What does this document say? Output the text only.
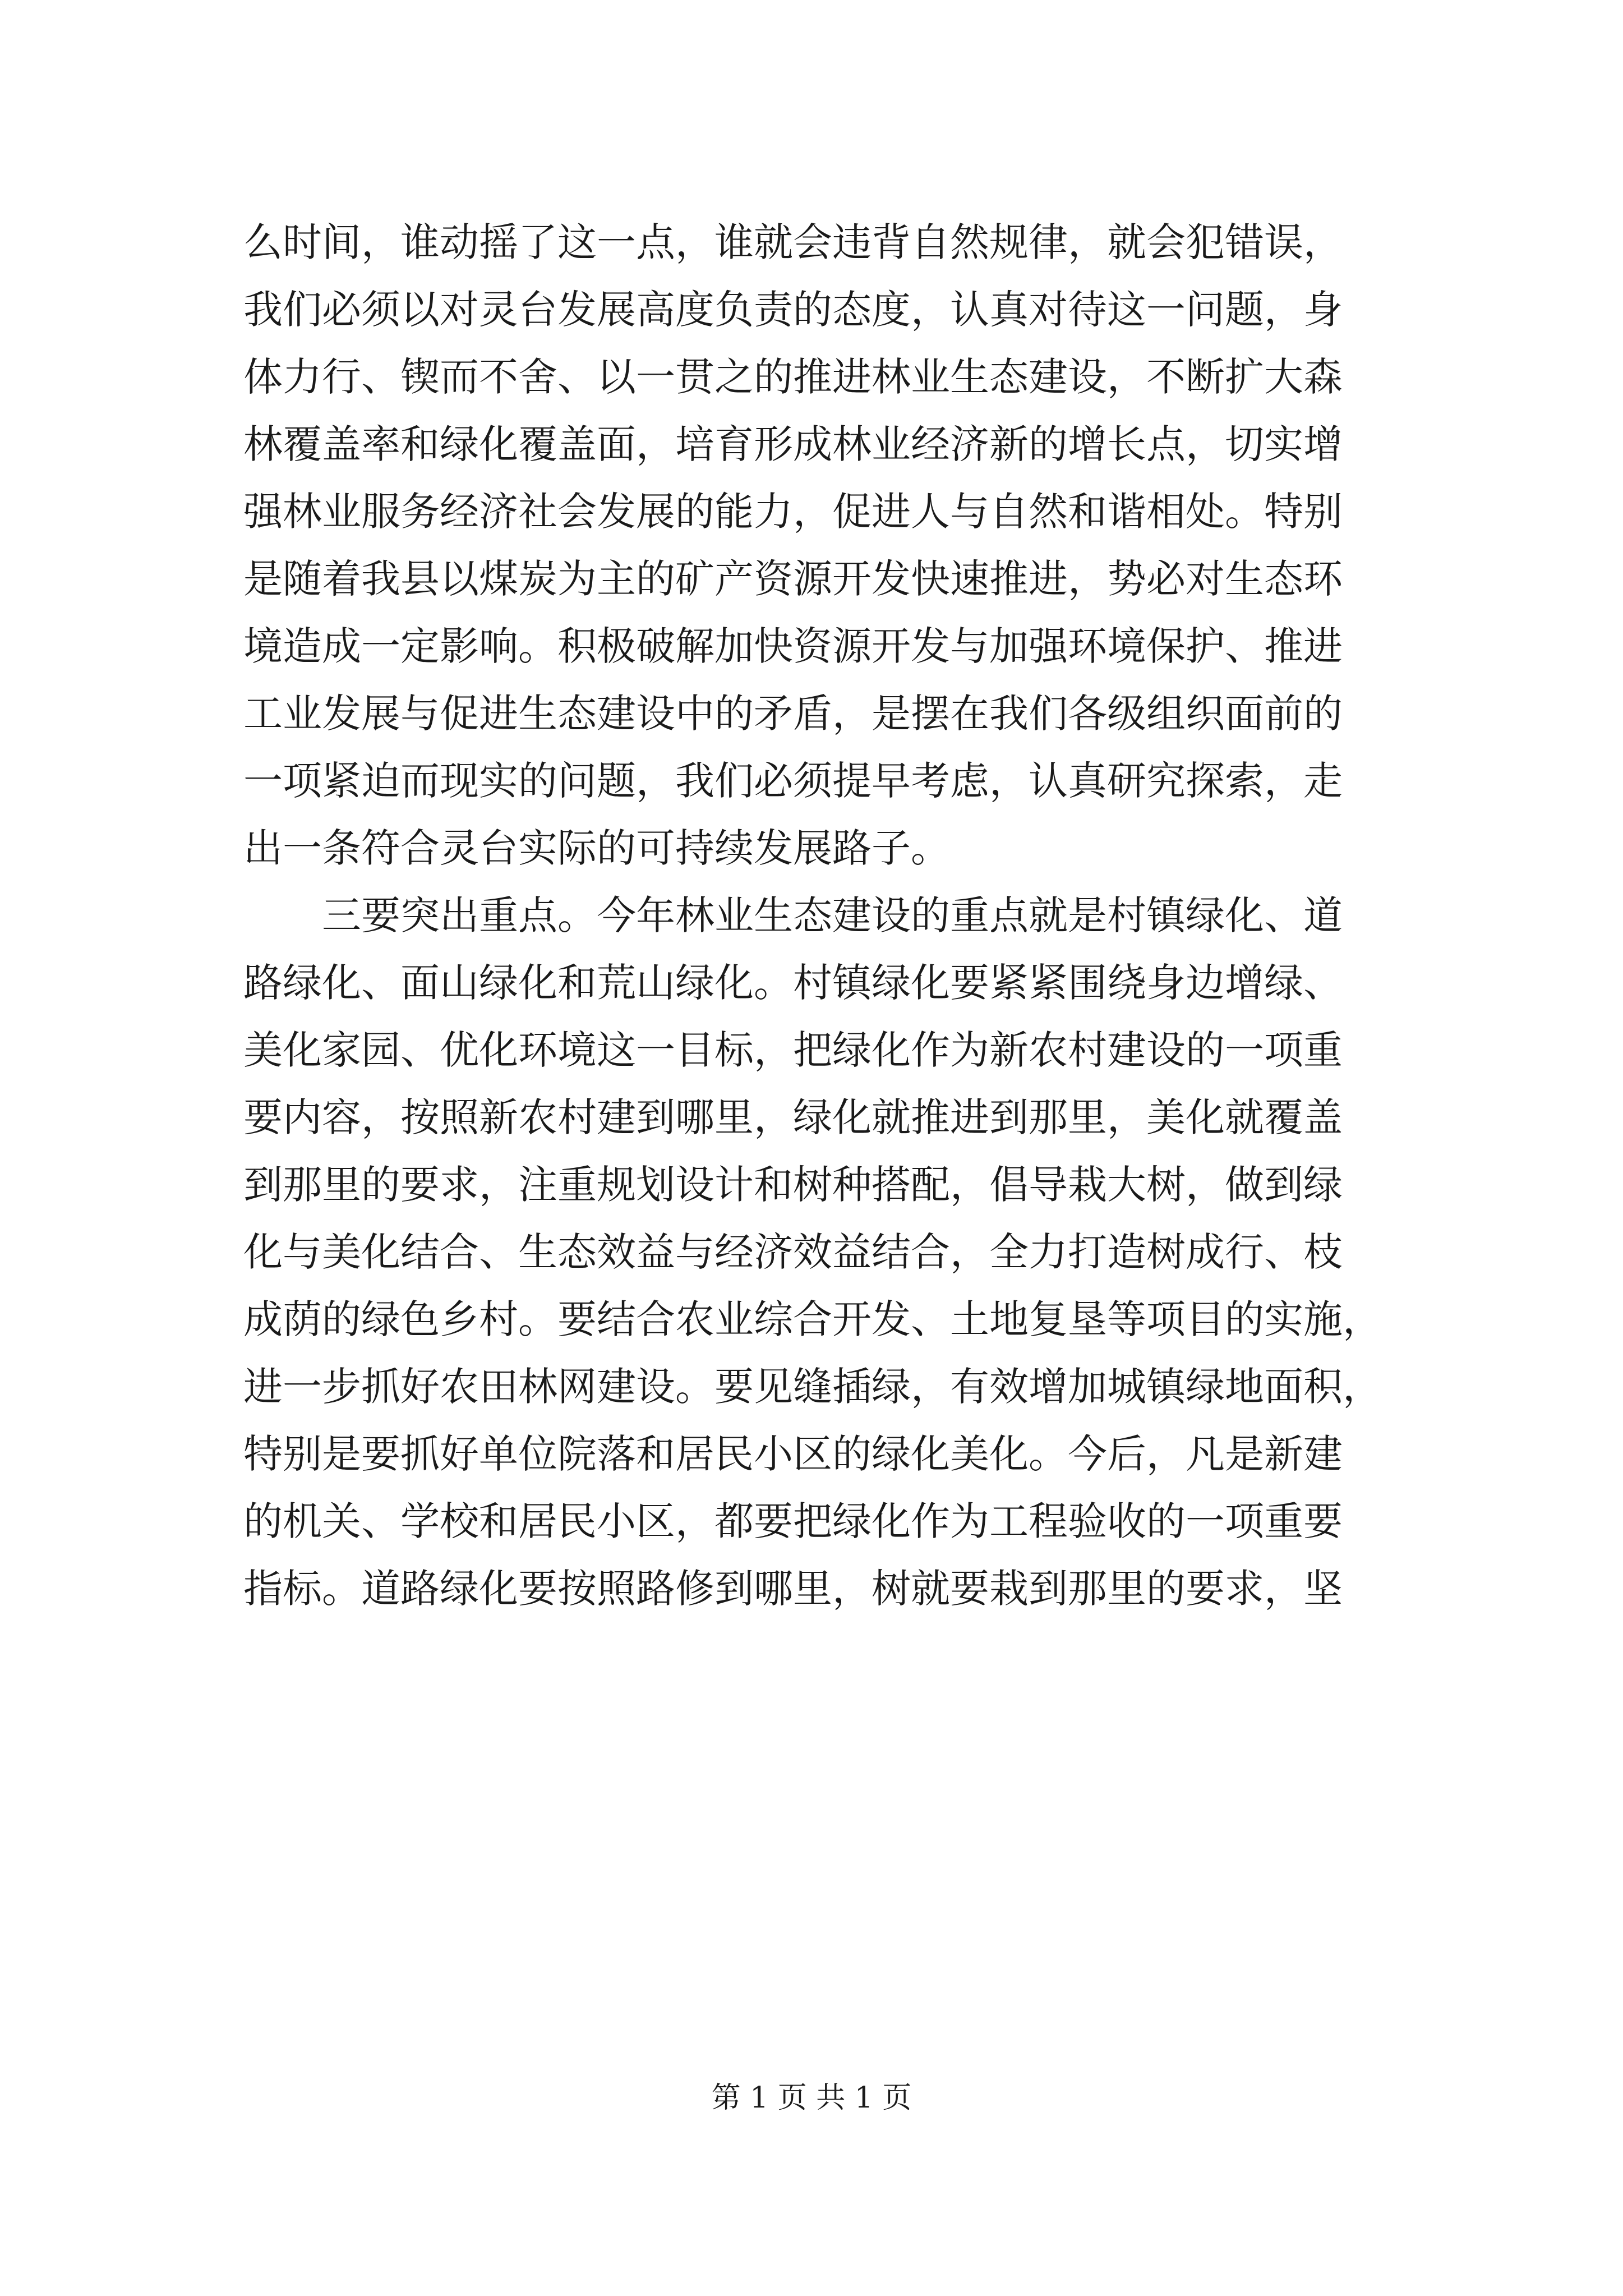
么时间，谁动摇了这一点，谁就会违背自然规律，就会犯错误，
我们必须以对灵台发展高度负责的态度，认真对待这一问题，身
体力行、锲而不舍、以一贯之的推进林业生态建设，不断扩大森
林覆盖率和绿化覆盖面，培育形成林业经济新的增长点，切实增
强林业服务经济社会发展的能力，促进人与自然和谐相处。特别
是随着我县以煤炭为主的矿产资源开发快速推进，势必对生态环
境造成一定影响。积极破解加快资源开发与加强环境保护、推进
工业发展与促进生态建设中的矛盾，是摆在我们各级组织面前的
一项紧迫而现实的问题，我们必须提早考虑，认真研究探索，走
出一条符合灵台实际的可持续发展路子。
三要突出重点。今年林业生态建设的重点就是村镇绿化、道
路绿化、面山绿化和荒山绿化。村镇绿化要紧紧围绕身边增绿、
美化家园、优化环境这一目标，把绿化作为新农村建设的一项重
要内容，按照新农村建到哪里，绿化就推进到那里，美化就覆盖
到那里的要求，注重规划设计和树种搭配，倡导栽大树，做到绿
化与美化结合、生态效益与经济效益结合，全力打造树成行、枝
成荫的绿色乡村。要结合农业综合开发、土地复垦等项目的实施，
进一步抓好农田林网建设。要见缝插绿，有效增加城镇绿地面积，
特别是要抓好单位院落和居民小区的绿化美化。今后，凡是新建
的机关、学校和居民小区，都要把绿化作为工程验收的一项重要
指标。道路绿化要按照路修到哪里，树就要栽到那里的要求，坚
第 1 页 共 1 页
